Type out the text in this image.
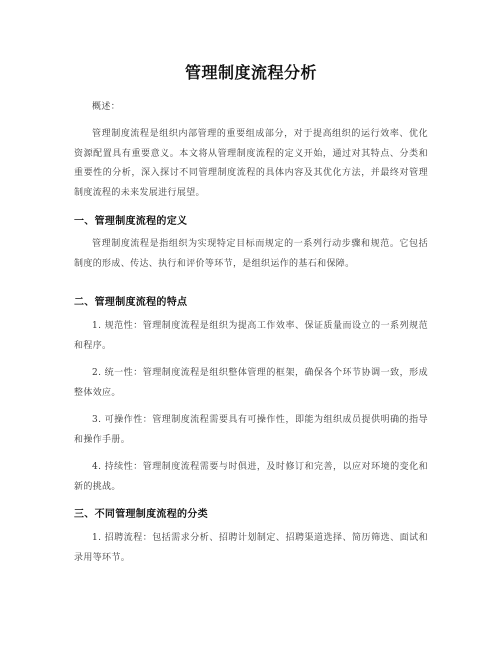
管理制度流程分析

概述：

管理制度流程是组织内部管理的重要组成部分，对于提高组织的运行效率、优化资源配置具有重要意义。本文将从管理制度流程的定义开始，通过对其特点、分类和重要性的分析，深入探讨不同管理制度流程的具体内容及其优化方法，并最终对管理制度流程的未来发展进行展望。

一、管理制度流程的定义

管理制度流程是指组织为实现特定目标而规定的一系列行动步骤和规范。它包括制度的形成、传达、执行和评价等环节，是组织运作的基石和保障。

二、管理制度流程的特点

1. 规范性：管理制度流程是组织为提高工作效率、保证质量而设立的一系列规范和程序。

2. 统一性：管理制度流程是组织整体管理的框架，确保各个环节协调一致，形成整体效应。

3. 可操作性：管理制度流程需要具有可操作性，即能为组织成员提供明确的指导和操作手册。

4. 持续性：管理制度流程需要与时俱进，及时修订和完善，以应对环境的变化和新的挑战。

三、不同管理制度流程的分类

1. 招聘流程：包括需求分析、招聘计划制定、招聘渠道选择、简历筛选、面试和录用等环节。
